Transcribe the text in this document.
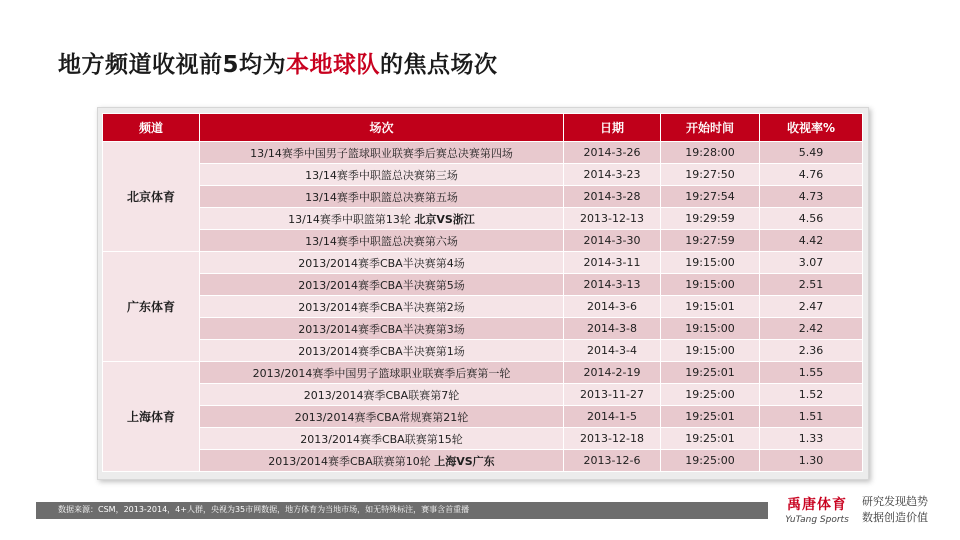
地方频道收视前5均为本地球队的焦点场次
频道	场次	日期	开始时间	收视率%
北京体育	13/14赛季中国男子篮球职业联赛季后赛总决赛第四场	2014-3-26	19:28:00	5.49
	13/14赛季中职篮总决赛第三场	2014-3-23	19:27:50	4.76
	13/14赛季中职篮总决赛第五场	2014-3-28	19:27:54	4.73
	13/14赛季中职篮第13轮 北京VS浙江	2013-12-13	19:29:59	4.56
	13/14赛季中职篮总决赛第六场	2014-3-30	19:27:59	4.42
广东体育	2013/2014赛季CBA半决赛第4场	2014-3-11	19:15:00	3.07
	2013/2014赛季CBA半决赛第5场	2014-3-13	19:15:00	2.51
	2013/2014赛季CBA半决赛第2场	2014-3-6	19:15:01	2.47
	2013/2014赛季CBA半决赛第3场	2014-3-8	19:15:00	2.42
	2013/2014赛季CBA半决赛第1场	2014-3-4	19:15:00	2.36
上海体育	2013/2014赛季中国男子篮球职业联赛季后赛第一轮	2014-2-19	19:25:01	1.55
	2013/2014赛季CBA联赛第7轮	2013-11-27	19:25:00	1.52
	2013/2014赛季CBA常规赛第21轮	2014-1-5	19:25:01	1.51
	2013/2014赛季CBA联赛第15轮	2013-12-18	19:25:01	1.33
	2013/2014赛季CBA联赛第10轮 上海VS广东	2013-12-6	19:25:00	1.30
数据来源：CSM，2013-2014，4+人群，央视为35市网数据，地方体育为当地市场，如无特殊标注，赛事含首重播	禹唐体育
YuTang Sports
研究发现趋势
数据创造价值
